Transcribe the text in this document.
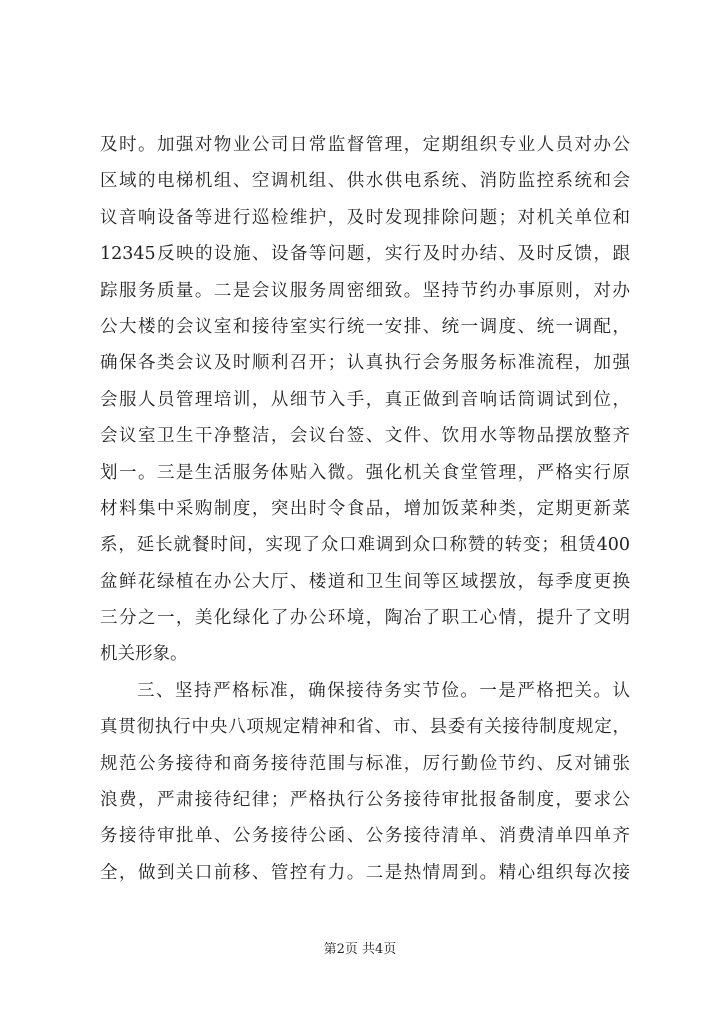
及时。加强对物业公司日常监督管理，定期组织专业人员对办公
区域的电梯机组、空调机组、供水供电系统、消防监控系统和会
议音响设备等进行巡检维护，及时发现排除问题；对机关单位和
12345反映的设施、设备等问题，实行及时办结、及时反馈，跟
踪服务质量。二是会议服务周密细致。坚持节约办事原则，对办
公大楼的会议室和接待室实行统一安排、统一调度、统一调配，
确保各类会议及时顺利召开；认真执行会务服务标准流程，加强
会服人员管理培训，从细节入手，真正做到音响话筒调试到位，
会议室卫生干净整洁，会议台签、文件、饮用水等物品摆放整齐
划一。三是生活服务体贴入微。强化机关食堂管理，严格实行原
材料集中采购制度，突出时令食品，增加饭菜种类，定期更新菜
系，延长就餐时间，实现了众口难调到众口称赞的转变；租赁400
盆鲜花绿植在办公大厅、楼道和卫生间等区域摆放，每季度更换
三分之一，美化绿化了办公环境，陶冶了职工心情，提升了文明
机关形象。
三、坚持严格标准，确保接待务实节俭。一是严格把关。认
真贯彻执行中央八项规定精神和省、市、县委有关接待制度规定，
规范公务接待和商务接待范围与标准，厉行勤俭节约、反对铺张
浪费，严肃接待纪律；严格执行公务接待审批报备制度，要求公
务接待审批单、公务接待公函、公务接待清单、消费清单四单齐
全，做到关口前移、管控有力。二是热情周到。精心组织每次接
第2页 共4页
